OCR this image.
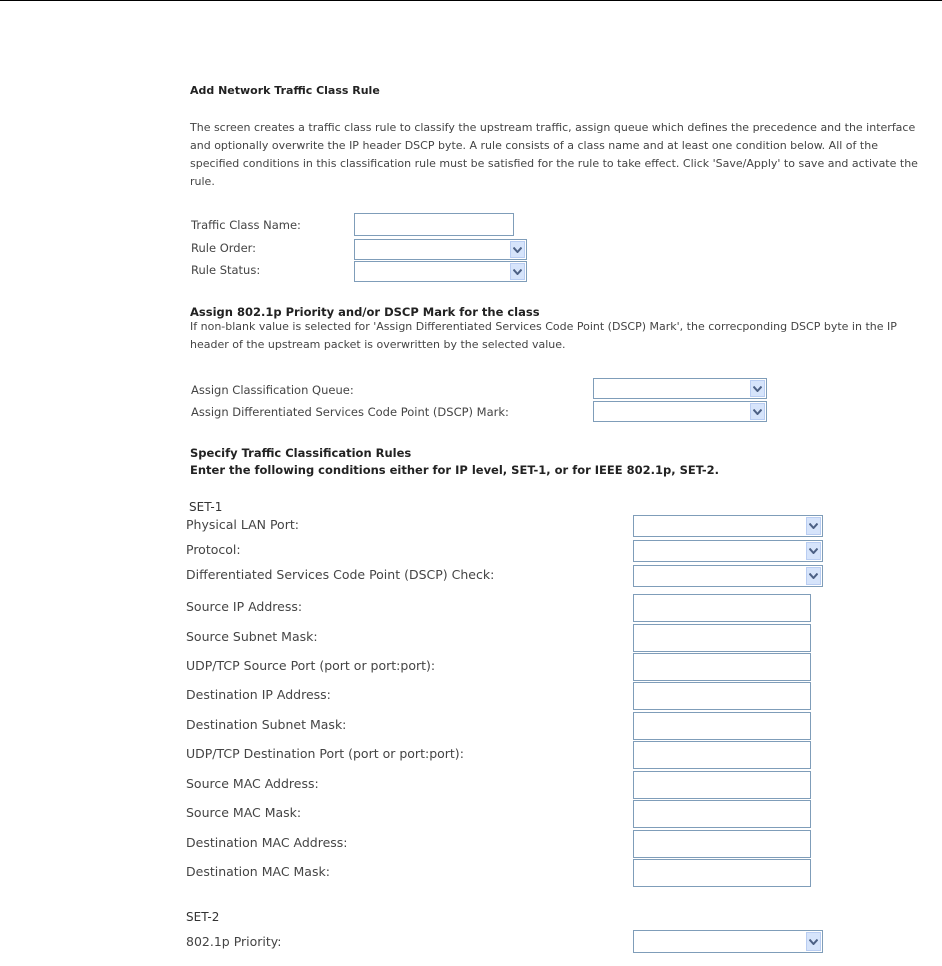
Add Network Traffic Class Rule
The screen creates a traffic class rule to classify the upstream traffic, assign queue which defines the precedence and the interface and optionally overwrite the IP header DSCP byte. A rule consists of a class name and at least one condition below. All of the specified conditions in this classification rule must be satisfied for the rule to take effect. Click 'Save/Apply' to save and activate the rule.
Traffic Class Name:
Rule Order:
Rule Status:
Assign 802.1p Priority and/or DSCP Mark for the class
If non-blank value is selected for 'Assign Differentiated Services Code Point (DSCP) Mark', the correcponding DSCP byte in the IP header of the upstream packet is overwritten by the selected value.
Assign Classification Queue:
Assign Differentiated Services Code Point (DSCP) Mark:
Specify Traffic Classification Rules
Enter the following conditions either for IP level, SET-1, or for IEEE 802.1p, SET-2.
SET-1
Physical LAN Port:
Protocol:
Differentiated Services Code Point (DSCP) Check:
Source IP Address:
Source Subnet Mask:
UDP/TCP Source Port (port or port:port):
Destination IP Address:
Destination Subnet Mask:
UDP/TCP Destination Port (port or port:port):
Source MAC Address:
Source MAC Mask:
Destination MAC Address:
Destination MAC Mask:
SET-2
802.1p Priority:
